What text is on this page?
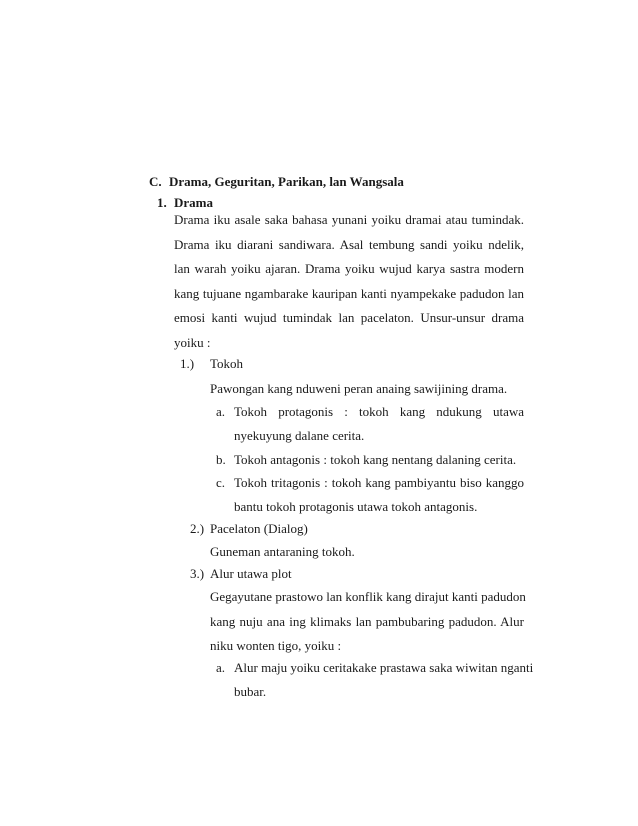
C. Drama, Geguritan, Parikan, lan Wangsala
1. Drama
Drama iku asale saka bahasa yunani yoiku dramai atau tumindak.
Drama iku diarani sandiwara. Asal tembung sandi yoiku ndelik,
lan warah yoiku ajaran. Drama yoiku wujud karya sastra modern
kang tujuane ngambarake kauripan kanti nyampekake padudon lan
emosi kanti wujud tumindak lan pacelaton. Unsur-unsur drama
yoiku :
1.) Tokoh
Pawongan kang nduweni peran anaing sawijining drama.
a. Tokoh protagonis : tokoh kang ndukung utawa
nyekuyung dalane cerita.
b. Tokoh antagonis : tokoh kang nentang dalaning cerita.
c. Tokoh tritagonis : tokoh kang pambiyantu biso kanggo
bantu tokoh protagonis utawa tokoh antagonis.
2.) Pacelaton (Dialog)
Guneman antaraning tokoh.
3.) Alur utawa plot
Gegayutane prastowo lan konflik kang dirajut kanti padudon
kang nuju ana ing klimaks lan pambubaring padudon. Alur
niku wonten tigo, yoiku :
a. Alur maju yoiku ceritakake prastawa saka wiwitan nganti
bubar.
